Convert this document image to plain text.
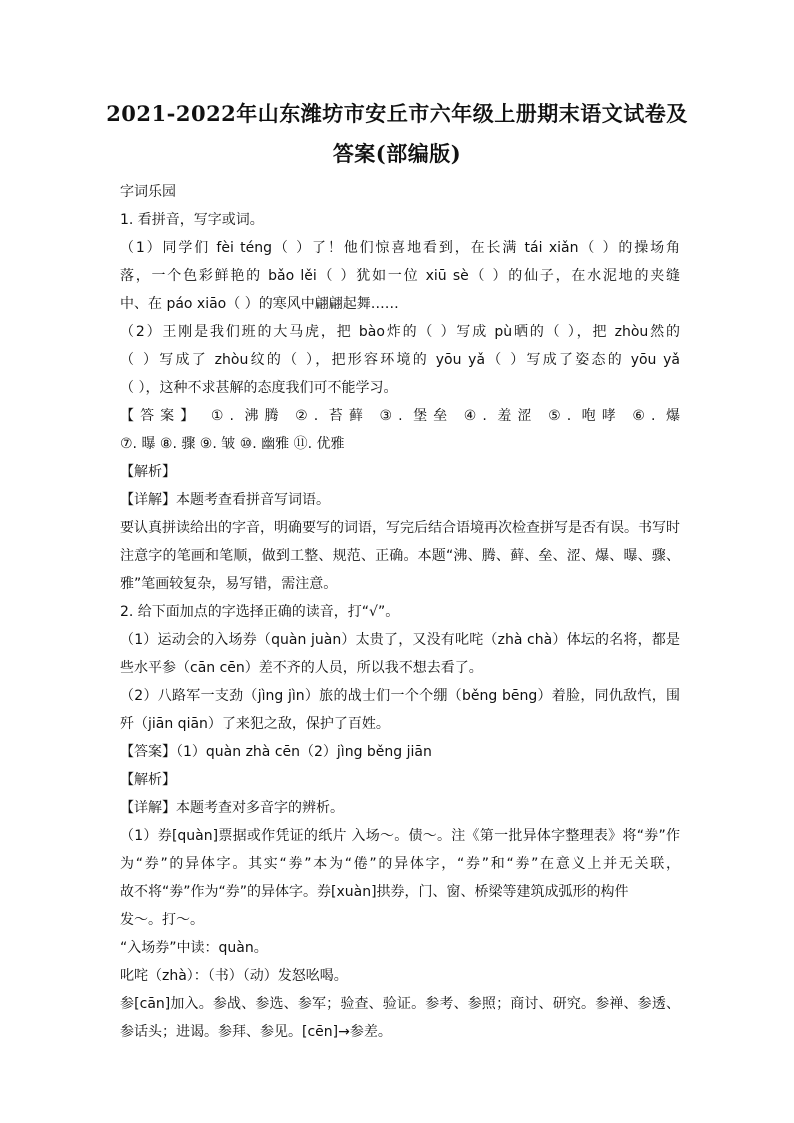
2021-2022年山东潍坊市安丘市六年级上册期末语文试卷及
答案(部编版)
字词乐园
1. 看拼音，写字或词。
（1）同学们 fèi téng（ ）了！他们惊喜地看到，在长满 tái xiǎn（ ）的操场角
落，一个色彩鲜艳的 bǎo lěi（ ）犹如一位 xiū sè（ ）的仙子，在水泥地的夹缝
中、在 páo xiāo（ ）的寒风中翩翩起舞……
（2）王刚是我们班的大马虎，把 bào炸的（ ）写成 pù晒的（ ），把 zhòu然的
（ ）写成了 zhòu纹的（ ），把形容环境的 yōu yǎ（ ）写成了姿态的 yōu yǎ
（ ），这种不求甚解的态度我们可不能学习。
【答案】 ①. 沸腾 ②. 苔藓 ③. 堡垒 ④. 羞涩 ⑤. 咆哮 ⑥. 爆
⑦. 曝 ⑧. 骤 ⑨. 皱 ⑩. 幽雅 ⑪. 优雅
【解析】
【详解】本题考查看拼音写词语。
要认真拼读给出的字音，明确要写的词语，写完后结合语境再次检查拼写是否有误。书写时
注意字的笔画和笔顺，做到工整、规范、正确。本题“沸、腾、藓、垒、涩、爆、曝、骤、
雅”笔画较复杂，易写错，需注意。
2. 给下面加点的字选择正确的读音，打“√”。
（1）运动会的入场券（quàn juàn）太贵了，又没有叱咤（zhà chà）体坛的名将，都是
些水平参（cān cēn）差不齐的人员，所以我不想去看了。
（2）八路军一支劲（jìng jìn）旅的战士们一个个绷（běng bēng）着脸，同仇敌忾，围
歼（jiān qiān）了来犯之敌，保护了百姓。
【答案】（1）quàn zhà cēn（2）jìng běng jiān
【解析】
【详解】本题考查对多音字的辨析。
（1）券[quàn]票据或作凭证的纸片 入场～。债～。注《第一批异体字整理表》将“劵”作
为“券”的异体字。其实“劵”本为“倦”的异体字，“券”和“劵”在意义上并无关联，
故不将“劵”作为“券”的异体字。券[xuàn]拱券，门、窗、桥梁等建筑成弧形的构件
发～。打～。
“入场券”中读：quàn。
叱咤（zhà）：（书）（动）发怒吆喝。
参[cān]加入。参战、参选、参军；验查、验证。参考、参照；商讨、研究。参禅、参透、
参话头；进谒。参拜、参见。[cēn]→参差。
